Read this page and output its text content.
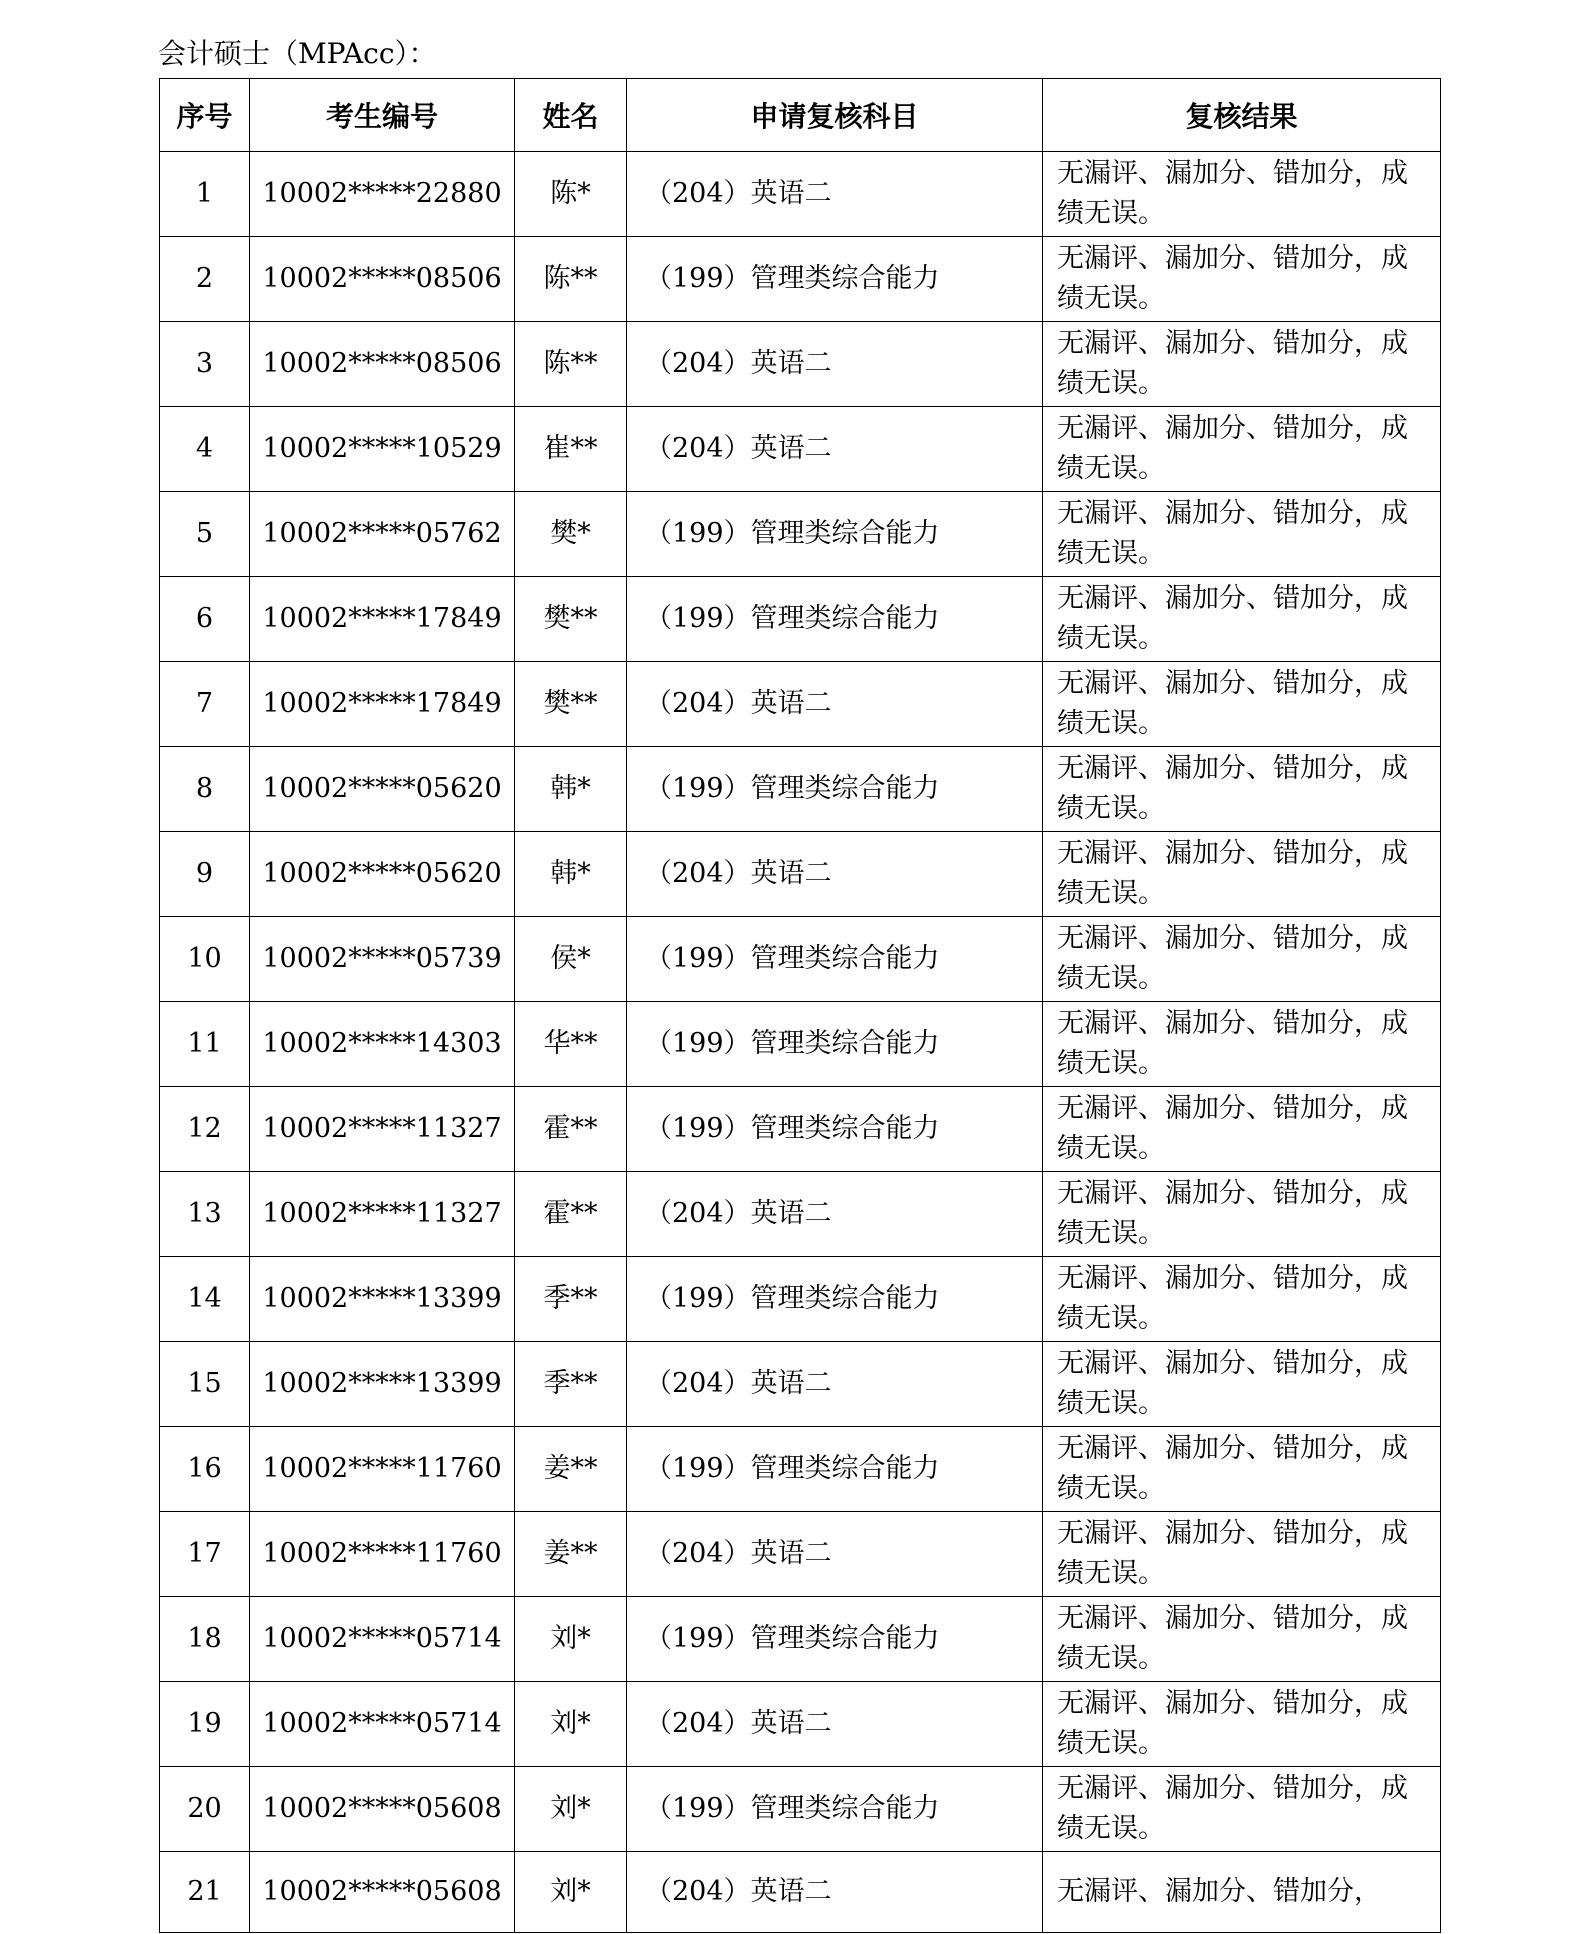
会计硕士（MPAcc）：
序号	考生编号	姓名	申请复核科目	复核结果
1	10002*****22880	陈*	（204）英语二	无漏评、漏加分、错加分，成绩无误。
2	10002*****08506	陈**	（199）管理类综合能力	无漏评、漏加分、错加分，成绩无误。
3	10002*****08506	陈**	（204）英语二	无漏评、漏加分、错加分，成绩无误。
4	10002*****10529	崔**	（204）英语二	无漏评、漏加分、错加分，成绩无误。
5	10002*****05762	樊*	（199）管理类综合能力	无漏评、漏加分、错加分，成绩无误。
6	10002*****17849	樊**	（199）管理类综合能力	无漏评、漏加分、错加分，成绩无误。
7	10002*****17849	樊**	（204）英语二	无漏评、漏加分、错加分，成绩无误。
8	10002*****05620	韩*	（199）管理类综合能力	无漏评、漏加分、错加分，成绩无误。
9	10002*****05620	韩*	（204）英语二	无漏评、漏加分、错加分，成绩无误。
10	10002*****05739	侯*	（199）管理类综合能力	无漏评、漏加分、错加分，成绩无误。
11	10002*****14303	华**	（199）管理类综合能力	无漏评、漏加分、错加分，成绩无误。
12	10002*****11327	霍**	（199）管理类综合能力	无漏评、漏加分、错加分，成绩无误。
13	10002*****11327	霍**	（204）英语二	无漏评、漏加分、错加分，成绩无误。
14	10002*****13399	季**	（199）管理类综合能力	无漏评、漏加分、错加分，成绩无误。
15	10002*****13399	季**	（204）英语二	无漏评、漏加分、错加分，成绩无误。
16	10002*****11760	姜**	（199）管理类综合能力	无漏评、漏加分、错加分，成绩无误。
17	10002*****11760	姜**	（204）英语二	无漏评、漏加分、错加分，成绩无误。
18	10002*****05714	刘*	（199）管理类综合能力	无漏评、漏加分、错加分，成绩无误。
19	10002*****05714	刘*	（204）英语二	无漏评、漏加分、错加分，成绩无误。
20	10002*****05608	刘*	（199）管理类综合能力	无漏评、漏加分、错加分，成绩无误。
21	10002*****05608	刘*	（204）英语二	无漏评、漏加分、错加分，
